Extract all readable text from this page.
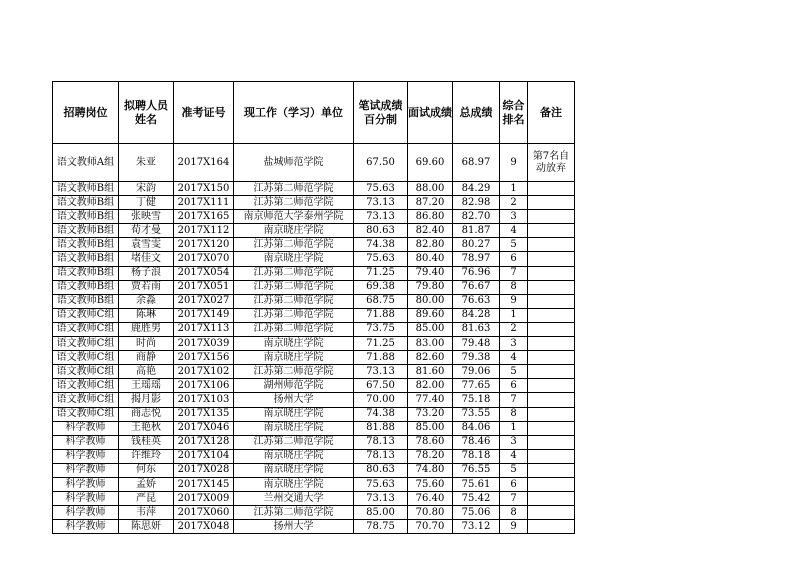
招聘岗位	拟聘人员姓名	准考证号	现工作（学习）单位	笔试成绩百分制	面试成绩	总成绩	综合排名	备注
语文教师A组	朱亚	2017X164	盐城师范学院	67.50	69.60	68.97	9	第7名自动放弃
语文教师B组	宋韵	2017X150	江苏第二师范学院	75.63	88.00	84.29	1	
语文教师B组	丁健	2017X111	江苏第二师范学院	73.13	87.20	82.98	2	
语文教师B组	张映雪	2017X165	南京师范大学泰州学院	73.13	86.80	82.70	3	
语文教师B组	荀才曼	2017X112	南京晓庄学院	80.63	82.40	81.87	4	
语文教师B组	袁雪雯	2017X120	江苏第二师范学院	74.38	82.80	80.27	5	
语文教师B组	堵佳文	2017X070	南京晓庄学院	75.63	80.40	78.97	6	
语文教师B组	杨子浪	2017X054	江苏第二师范学院	71.25	79.40	76.96	7	
语文教师B组	贾若南	2017X051	江苏第二师范学院	69.38	79.80	76.67	8	
语文教师B组	余淼	2017X027	江苏第二师范学院	68.75	80.00	76.63	9	
语文教师C组	陈琳	2017X149	江苏第二师范学院	71.88	89.60	84.28	1	
语文教师C组	鹿胜男	2017X113	江苏第二师范学院	73.75	85.00	81.63	2	
语文教师C组	时尚	2017X039	南京晓庄学院	71.25	83.00	79.48	3	
语文教师C组	商静	2017X156	南京晓庄学院	71.88	82.60	79.38	4	
语文教师C组	高艳	2017X102	江苏第二师范学院	73.13	81.60	79.06	5	
语文教师C组	王瑶瑶	2017X106	湖州师范学院	67.50	82.00	77.65	6	
语文教师C组	揭月影	2017X103	扬州大学	70.00	77.40	75.18	7	
语文教师C组	商志悦	2017X135	南京晓庄学院	74.38	73.20	73.55	8	
科学教师	王艳秋	2017X046	南京晓庄学院	81.88	85.00	84.06	1	
科学教师	钱桂英	2017X128	江苏第二师范学院	78.13	78.60	78.46	3	
科学教师	许维玲	2017X104	南京晓庄学院	78.13	78.20	78.18	4	
科学教师	何东	2017X028	南京晓庄学院	80.63	74.80	76.55	5	
科学教师	孟娇	2017X145	南京晓庄学院	75.63	75.60	75.61	6	
科学教师	严昆	2017X009	兰州交通大学	73.13	76.40	75.42	7	
科学教师	韦萍	2017X060	江苏第二师范学院	85.00	70.80	75.06	8	
科学教师	陈思妍	2017X048	扬州大学	78.75	70.70	73.12	9	
